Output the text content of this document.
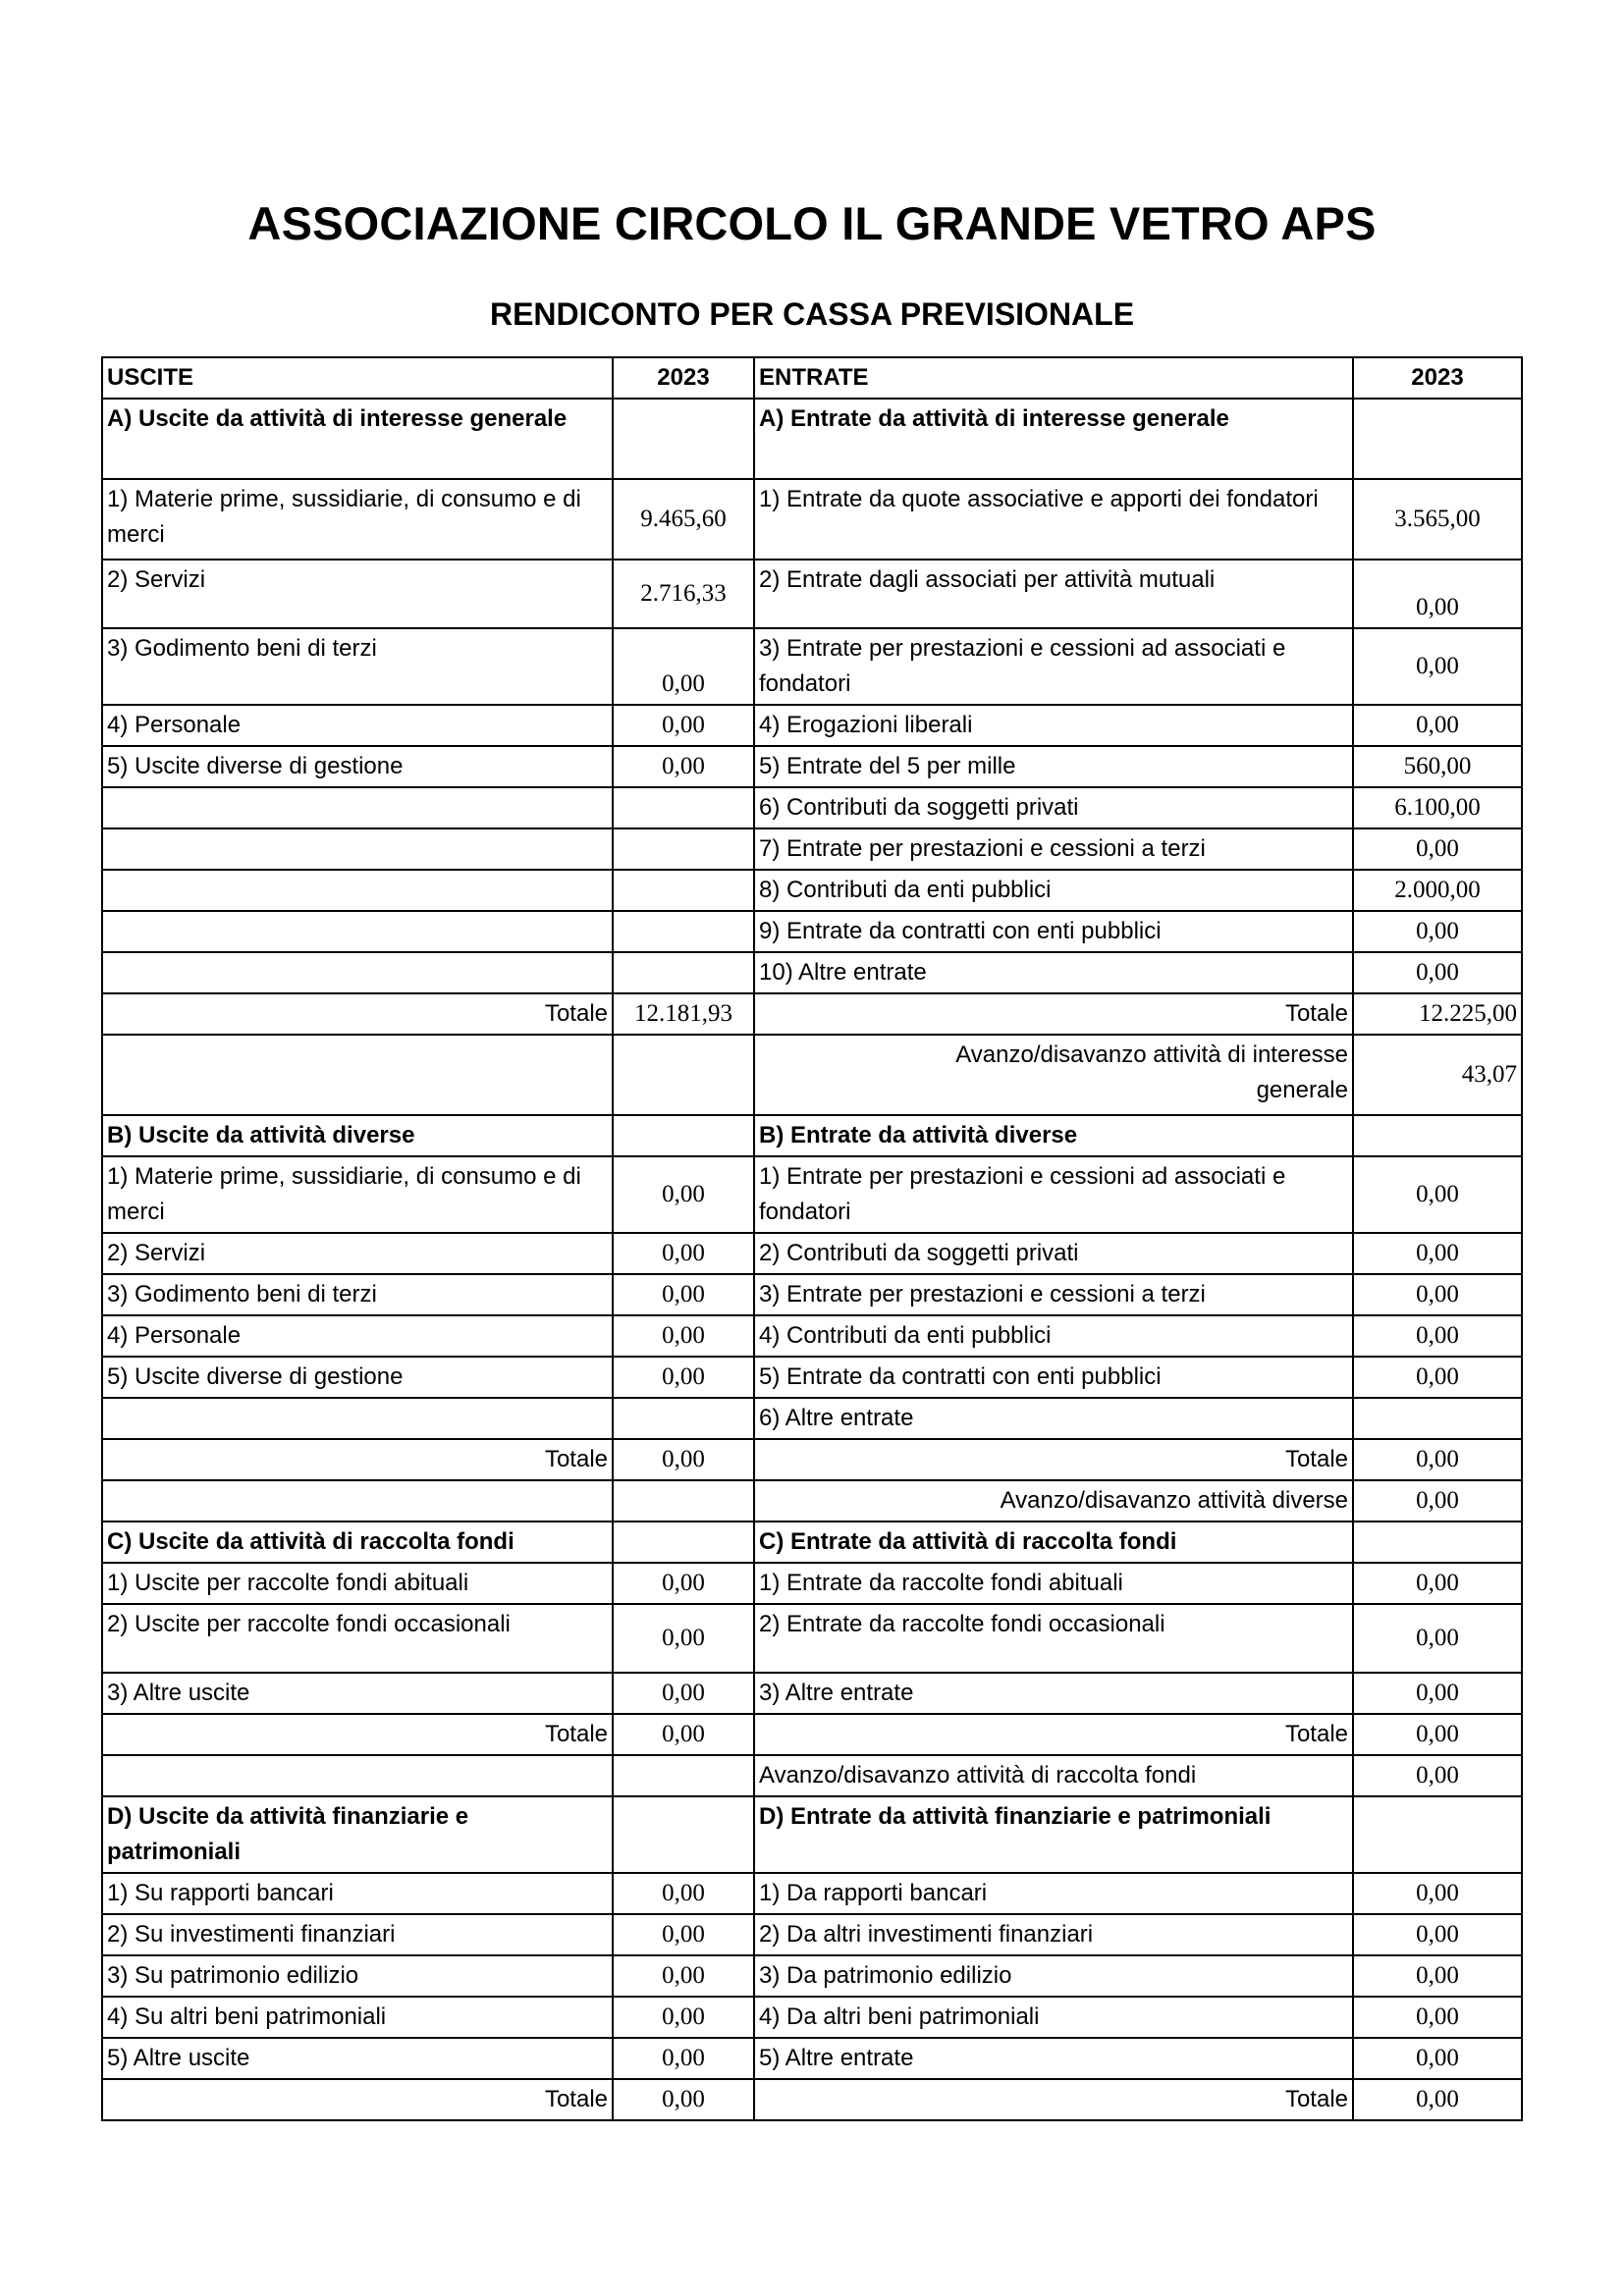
ASSOCIAZIONE CIRCOLO IL GRANDE VETRO APS
RENDICONTO PER CASSA PREVISIONALE
USCITE	2023	ENTRATE	2023
A) Uscite da attività di interesse generale		A) Entrate da attività di interesse generale	
1) Materie prime, sussidiarie, di consumo e di merci	9.465,60	1) Entrate da quote associative e apporti dei fondatori	3.565,00
2) Servizi	2.716,33	2) Entrate dagli associati per attività mutuali	0,00
3) Godimento beni di terzi	0,00	3) Entrate per prestazioni e cessioni ad associati e fondatori	0,00
4) Personale	0,00	4) Erogazioni liberali	0,00
5) Uscite diverse di gestione	0,00	5) Entrate del 5 per mille	560,00
		6) Contributi da soggetti privati	6.100,00
		7) Entrate per prestazioni e cessioni a terzi	0,00
		8) Contributi da enti pubblici	2.000,00
		9) Entrate da contratti con enti pubblici	0,00
		10) Altre entrate	0,00
Totale	12.181,93	Totale	12.225,00
		Avanzo/disavanzo attività di interesse generale	43,07
B) Uscite da attività diverse		B) Entrate da attività diverse	
1) Materie prime, sussidiarie, di consumo e di merci	0,00	1) Entrate per prestazioni e cessioni ad associati e fondatori	0,00
2) Servizi	0,00	2) Contributi da soggetti privati	0,00
3) Godimento beni di terzi	0,00	3) Entrate per prestazioni e cessioni a terzi	0,00
4) Personale	0,00	4) Contributi da enti pubblici	0,00
5) Uscite diverse di gestione	0,00	5) Entrate da contratti con enti pubblici	0,00
		6) Altre entrate	
Totale	0,00	Totale	0,00
		Avanzo/disavanzo attività diverse	0,00
C) Uscite da attività di raccolta fondi		C) Entrate da attività di raccolta fondi	
1) Uscite per raccolte fondi abituali	0,00	1) Entrate da raccolte fondi abituali	0,00
2) Uscite per raccolte fondi occasionali	0,00	2) Entrate da raccolte fondi occasionali	0,00
3) Altre uscite	0,00	3) Altre entrate	0,00
Totale	0,00	Totale	0,00
		Avanzo/disavanzo attività di raccolta fondi	0,00
D) Uscite da attività finanziarie e patrimoniali		D) Entrate da attività finanziarie e patrimoniali	
1) Su rapporti bancari	0,00	1) Da rapporti bancari	0,00
2) Su investimenti finanziari	0,00	2) Da altri investimenti finanziari	0,00
3) Su patrimonio edilizio	0,00	3) Da patrimonio edilizio	0,00
4) Su altri beni patrimoniali	0,00	4) Da altri beni patrimoniali	0,00
5) Altre uscite	0,00	5) Altre entrate	0,00
Totale	0,00	Totale	0,00
